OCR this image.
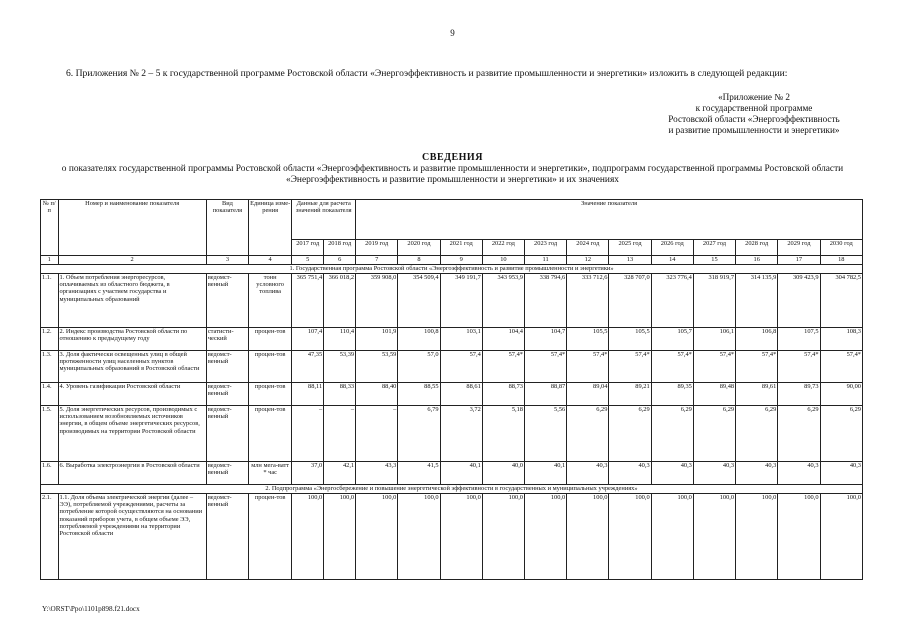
9
6. Приложения № 2 – 5 к государственной программе Ростовской области «Энергоэффективность и развитие промышленности и энергетики» изложить в следующей редакции:
«Приложение № 2
к государственной программе
Ростовской области «Энергоэффективность
и развитие промышленности и энергетики»
СВЕДЕНИЯ
о показателях государственной программы Ростовской области «Энергоэффективность и развитие промышленности и энергетики», подпрограмм государственной программы Ростовской области «Энергоэффективность и развитие промышленности и энергетики» и их значениях
№ п/п	Номер и наименование показателя	Вид показателя	Единица изме-рения	Данные для расчета значений показателя		Значение показателя											
				2017 год	2018 год	2019 год	2020 год	2021 год	2022 год	2023 год	2024 год	2025 год	2026 год	2027 год	2028 год	2029 год	2030 год
1	2	3	4	5	6	7	8	9	10	11	12	13	14	15	16	17	18
1. Государственная программа Ростовской области «Энергоэффективность и развитие промышленности и энергетики»																	
1.1.	1. Объем потребления энергоресурсов, оплачиваемых из областного бюджета, в организациях с участием государства и муниципальных образований	ведомст-венный	тонн условного топлива	365 751,4	366 018,2	359 908,0	354 509,4	349 191,7	343 953,9	338 794,6	333 712,6	328 707,0	323 776,4	318 919,7	314 135,9	309 423,9	304 782,5
1.2.	2. Индекс производства Ростовской области по отношению к предыдущему году	статисти-ческий	процен-тов	107,4	110,4	101,9	100,8	103,1	104,4	104,7	105,5	105,5	105,7	106,1	106,8	107,5	108,3
1.3.	3. Доля фактически освещенных улиц в общей протяженности улиц населенных пунктов муниципальных образований в Ростовской области	ведомст-венный	процен-тов	47,35	53,39	53,59	57,0	57,4	57,4*	57,4*	57,4*	57,4*	57,4*	57,4*	57,4*	57,4*	57,4*
1.4.	4. Уровень газификации Ростовской области	ведомст-венный	процен-тов	88,11	88,33	88,40	88,55	88,61	88,73	88,87	89,04	89,21	89,35	89,48	89,61	89,73	90,00
1.5.	5. Доля энергетических ресурсов, производимых с использованием возобновляемых источников энергии, в общем объеме энергетических ресурсов, производимых на территории Ростовской области	ведомст-венный	процен-тов	–	–	–	6,79	3,72	5,18	5,56	6,29	6,29	6,29	6,29	6,29	6,29	6,29
1.6.	6. Выработка электроэнергии в Ростовской области	ведомст-венный	млн мега-ватт * час	37,0	42,1	43,3	41,5	40,1	40,0	40,1	40,3	40,3	40,3	40,3	40,3	40,3	40,3
2. Подпрограмма «Энергосбережение и повышение энергетической эффективности в государственных и муниципальных учреждениях»																	
2.1.	1.1. Доля объема электрической энергии (далее – ЭЭ), потребляемой учреждениями, расчеты за потребление которой осуществляются на основании показаний приборов учета, в общем объеме ЭЭ, потребляемой учреждениями на территории Ростовской области	ведомст-венный	процен-тов	100,0	100,0	100,0	100,0	100,0	100,0	100,0	100,0	100,0	100,0	100,0	100,0	100,0	100,0
Y:\ORST\Ppo\1101p898.f21.docx
